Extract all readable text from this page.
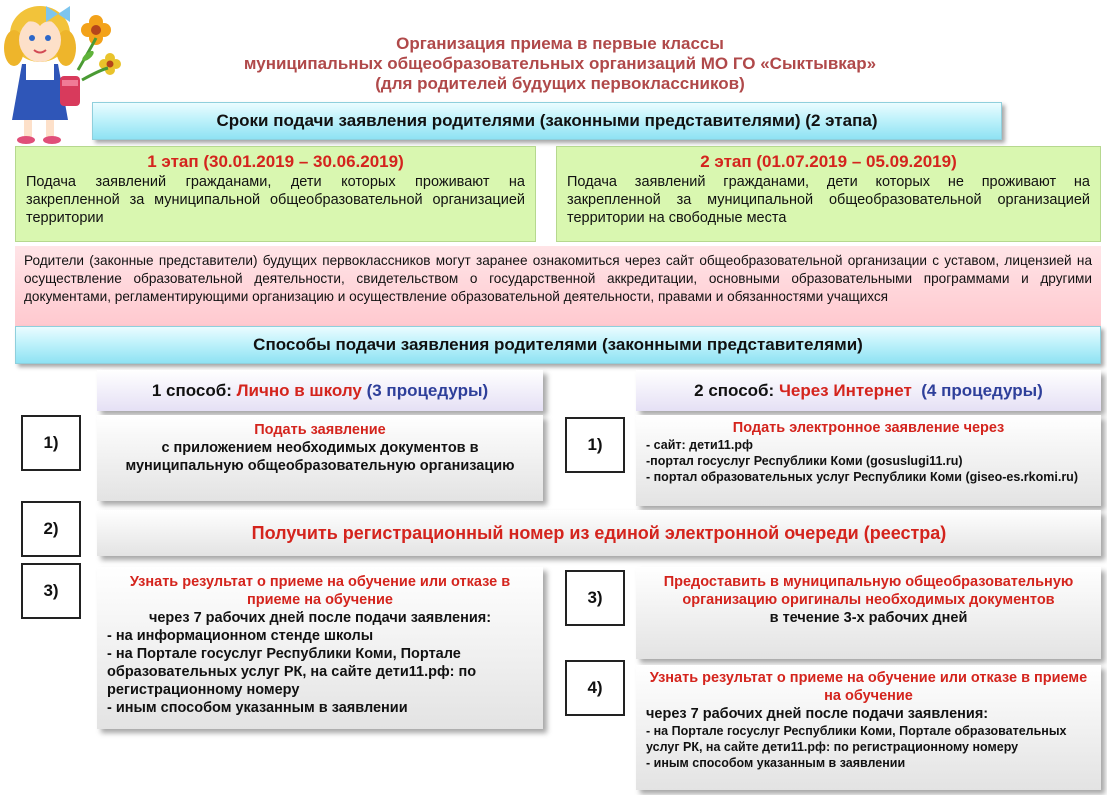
Организация приема в первые классы
муниципальных общеобразовательных организаций МО ГО «Сыктывкар»
(для родителей будущих первоклассников)
Сроки подачи заявления родителями (законными представителями) (2 этапа)
1 этап (30.01.2019 – 30.06.2019)
Подача заявлений гражданами, дети которых проживают на закрепленной за муниципальной общеобразовательной организацией территории
2 этап (01.07.2019 – 05.09.2019)
Подача заявлений гражданами, дети которых не проживают на закрепленной за муниципальной общеобразовательной организацией территории на свободные места
Родители (законные представители) будущих первоклассников могут заранее ознакомиться через сайт общеобразовательной организации с уставом, лицензией на осуществление образовательной деятельности, свидетельством о государственной аккредитации, основными образовательными программами и другими документами, регламентирующими организацию и осуществление образовательной деятельности, правами и обязанностями учащихся
Способы подачи заявления родителями (законными представителями)
1 способ: Лично в школу (3 процедуры)	2 способ: Через Интернет (4 процедуры)
1)
2)
3)
1)
3)
4)
Подать заявление
с приложением необходимых документов в муниципальную общеобразовательную организацию
Подать электронное заявление через
- сайт: дети11.рф
-портал госуслуг Республики Коми (gosuslugi11.ru)
- портал образовательных услуг Республики Коми (giseo-es.rkomi.ru)
Получить регистрационный номер из единой электронной очереди (реестра)
Узнать результат о приеме на обучение или отказе в приеме на обучение
через 7 рабочих дней после подачи заявления:
- на информационном стенде школы
- на Портале госуслуг Республики Коми, Портале образовательных услуг РК, на сайте дети11.рф: по регистрационному номеру
- иным способом указанным в заявлении
Предоставить в муниципальную общеобразовательную организацию оригиналы необходимых документов
в течение 3-х рабочих дней
Узнать результат о приеме на обучение или отказе в приеме на обучение
через 7 рабочих дней после подачи заявления:
- на Портале госуслуг Республики Коми, Портале образовательных услуг РК, на сайте дети11.рф: по регистрационному номеру
- иным способом указанным в заявлении
